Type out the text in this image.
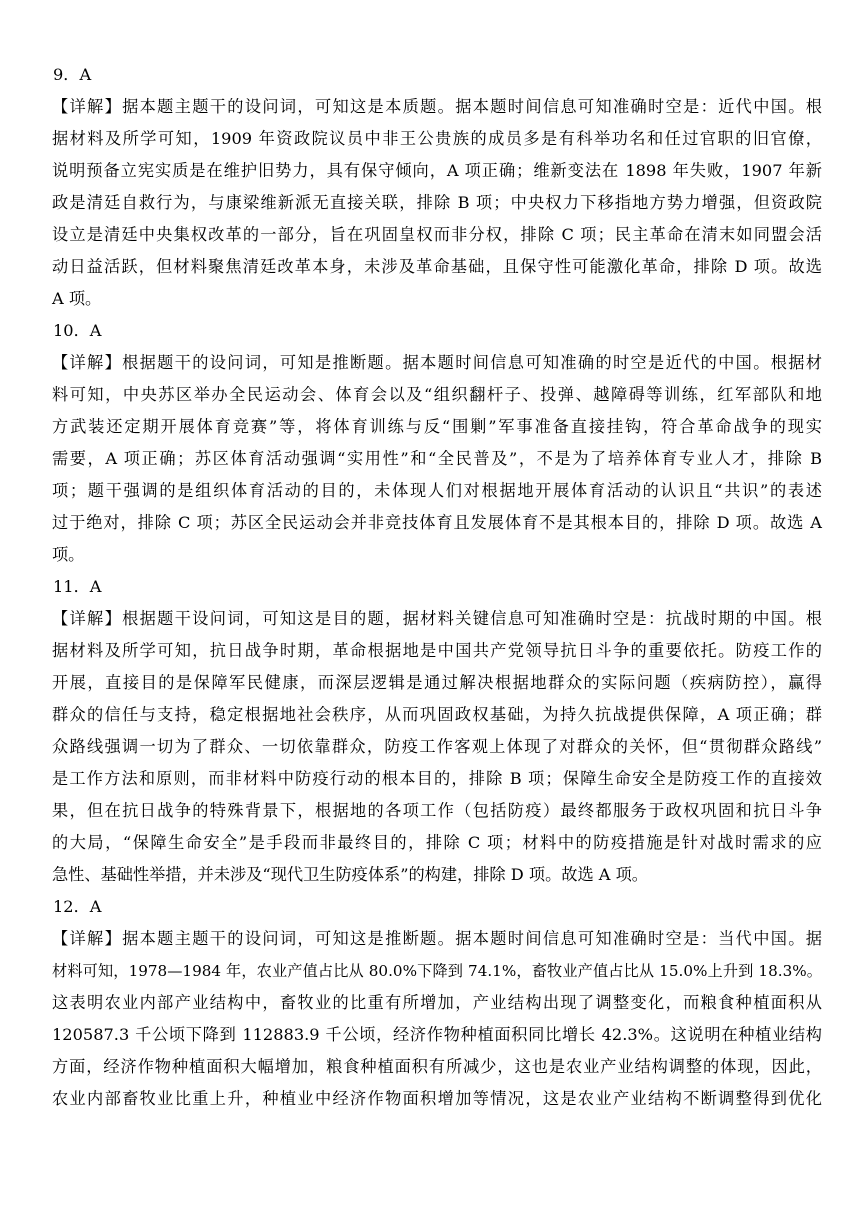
9．A
【详解】据本题主题干的设问词，可知这是本质题。据本题时间信息可知准确时空是：近代中国。根
据材料及所学可知，1909 年资政院议员中非王公贵族的成员多是有科举功名和任过官职的旧官僚，
说明预备立宪实质是在维护旧势力，具有保守倾向，A 项正确；维新变法在 1898 年失败，1907 年新
政是清廷自救行为，与康梁维新派无直接关联，排除 B 项；中央权力下移指地方势力增强，但资政院
设立是清廷中央集权改革的一部分，旨在巩固皇权而非分权，排除 C 项；民主革命在清末如同盟会活
动日益活跃，但材料聚焦清廷改革本身，未涉及革命基础，且保守性可能激化革命，排除 D 项。故选
A 项。
10．A
【详解】根据题干的设问词，可知是推断题。据本题时间信息可知准确的时空是近代的中国。根据材
料可知，中央苏区举办全民运动会、体育会以及“组织翻杆子、投弹、越障碍等训练，红军部队和地
方武装还定期开展体育竞赛”等，将体育训练与反“围剿”军事准备直接挂钩，符合革命战争的现实
需要，A 项正确；苏区体育活动强调“实用性”和“全民普及”，不是为了培养体育专业人才，排除 B
项；题干强调的是组织体育活动的目的，未体现人们对根据地开展体育活动的认识且“共识”的表述
过于绝对，排除 C 项；苏区全民运动会并非竞技体育且发展体育不是其根本目的，排除 D 项。故选 A
项。
11．A
【详解】根据题干设问词，可知这是目的题，据材料关键信息可知准确时空是：抗战时期的中国。根
据材料及所学可知，抗日战争时期，革命根据地是中国共产党领导抗日斗争的重要依托。防疫工作的
开展，直接目的是保障军民健康，而深层逻辑是通过解决根据地群众的实际问题（疾病防控），赢得
群众的信任与支持，稳定根据地社会秩序，从而巩固政权基础，为持久抗战提供保障，A 项正确；群
众路线强调一切为了群众、一切依靠群众，防疫工作客观上体现了对群众的关怀，但“贯彻群众路线”
是工作方法和原则，而非材料中防疫行动的根本目的，排除 B 项；保障生命安全是防疫工作的直接效
果，但在抗日战争的特殊背景下，根据地的各项工作（包括防疫）最终都服务于政权巩固和抗日斗争
的大局，“保障生命安全”是手段而非最终目的，排除 C 项；材料中的防疫措施是针对战时需求的应
急性、基础性举措，并未涉及“现代卫生防疫体系”的构建，排除 D 项。故选 A 项。
12．A
【详解】据本题主题干的设问词，可知这是推断题。据本题时间信息可知准确时空是：当代中国。据
材料可知，1978—1984 年，农业产值占比从 80.0%下降到 74.1%，畜牧业产值占比从 15.0%上升到 18.3%。
这表明农业内部产业结构中，畜牧业的比重有所增加，产业结构出现了调整变化，而粮食种植面积从
120587.3 千公顷下降到 112883.9 千公顷，经济作物种植面积同比增长 42.3%。这说明在种植业结构
方面，经济作物种植面积大幅增加，粮食种植面积有所减少，这也是农业产业结构调整的体现，因此，
农业内部畜牧业比重上升，种植业中经济作物面积增加等情况，这是农业产业结构不断调整得到优化
